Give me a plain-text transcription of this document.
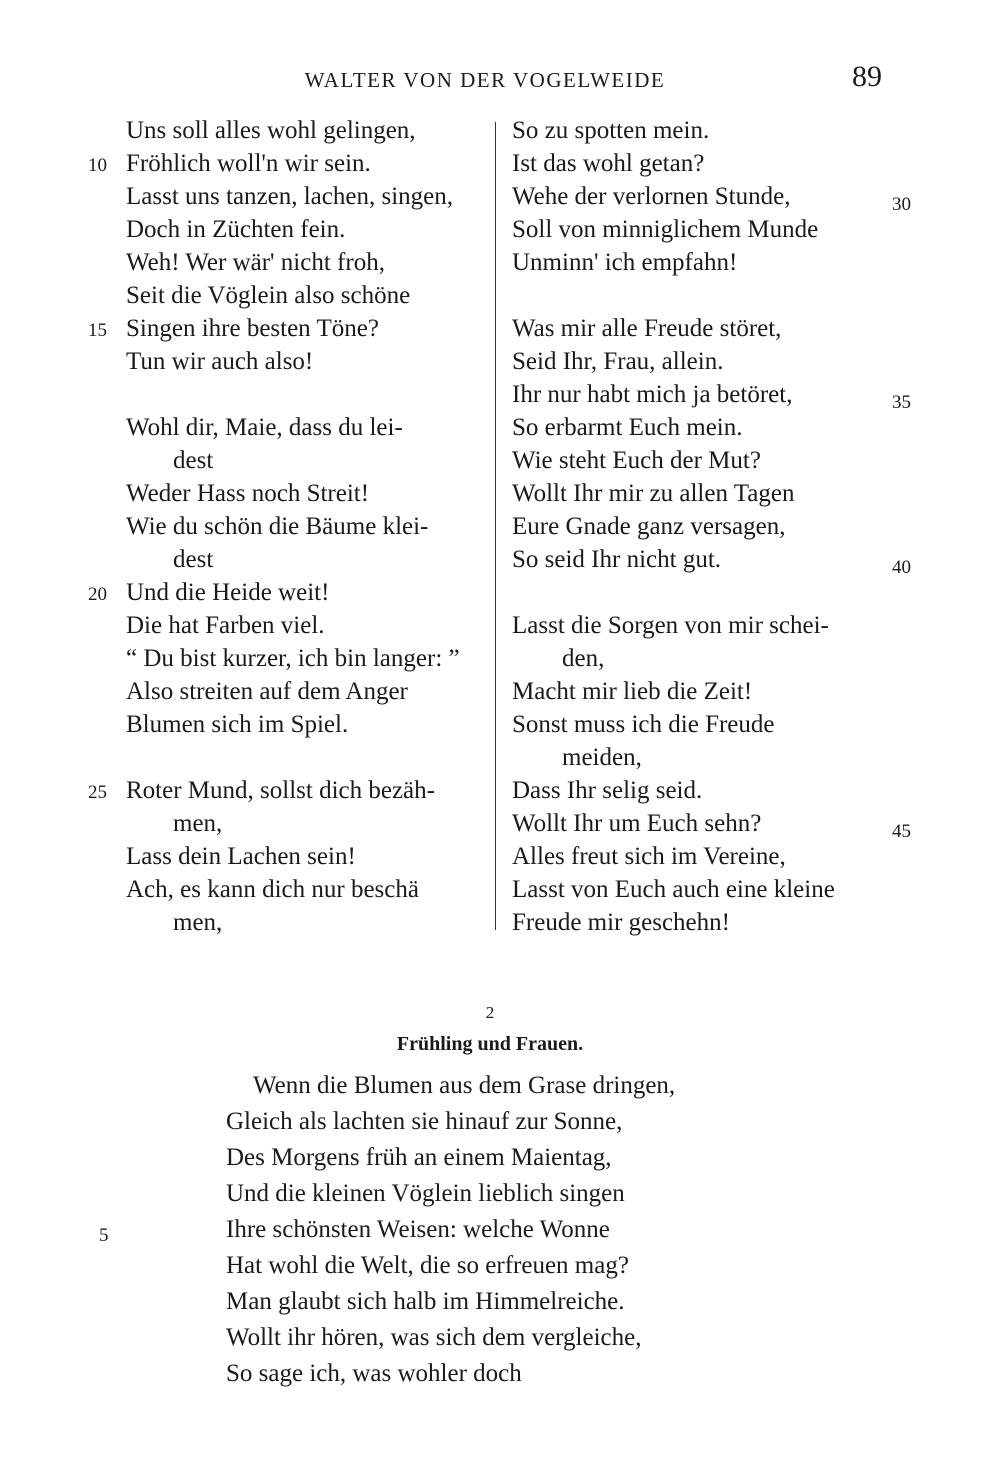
WALTER VON DER VOGELWEIDE	89
Uns soll alles wohl gelingen,
Fröhlich woll'n wir sein.
Lasst uns tanzen, lachen, singen,
Doch in Züchten fein.
Weh! Wer wär' nicht froh,
Seit die Vöglein also schöne
Singen ihre besten Töne?
Tun wir auch also!
Wohl dir, Maie, dass du lei-
dest
Weder Hass noch Streit!
Wie du schön die Bäume klei-
dest
Und die Heide weit!
Die hat Farben viel.
“ Du bist kurzer, ich bin langer: ”
Also streiten auf dem Anger
Blumen sich im Spiel.
Roter Mund, sollst dich bezäh-
men,
Lass dein Lachen sein!
Ach, es kann dich nur beschä
men,
10
15
20
25
So zu spotten mein.
Ist das wohl getan?
Wehe der verlornen Stunde,
Soll von minniglichem Munde
Unminn' ich empfahn!
Was mir alle Freude störet,
Seid Ihr, Frau, allein.
Ihr nur habt mich ja betöret,
So erbarmt Euch mein.
Wie steht Euch der Mut?
Wollt Ihr mir zu allen Tagen
Eure Gnade ganz versagen,
So seid Ihr nicht gut.
Lasst die Sorgen von mir schei-
den,
Macht mir lieb die Zeit!
Sonst muss ich die Freude
meiden,
Dass Ihr selig seid.
Wollt Ihr um Euch sehn?
Alles freut sich im Vereine,
Lasst von Euch auch eine kleine
Freude mir geschehn!
30
35
40
45
2
Frühling und Frauen.
Wenn die Blumen aus dem Grase dringen,
Gleich als lachten sie hinauf zur Sonne,
Des Morgens früh an einem Maientag,
Und die kleinen Vöglein lieblich singen
Ihre schönsten Weisen: welche Wonne
Hat wohl die Welt, die so erfreuen mag?
Man glaubt sich halb im Himmelreiche.
Wollt ihr hören, was sich dem vergleiche,
So sage ich, was wohler doch
5
